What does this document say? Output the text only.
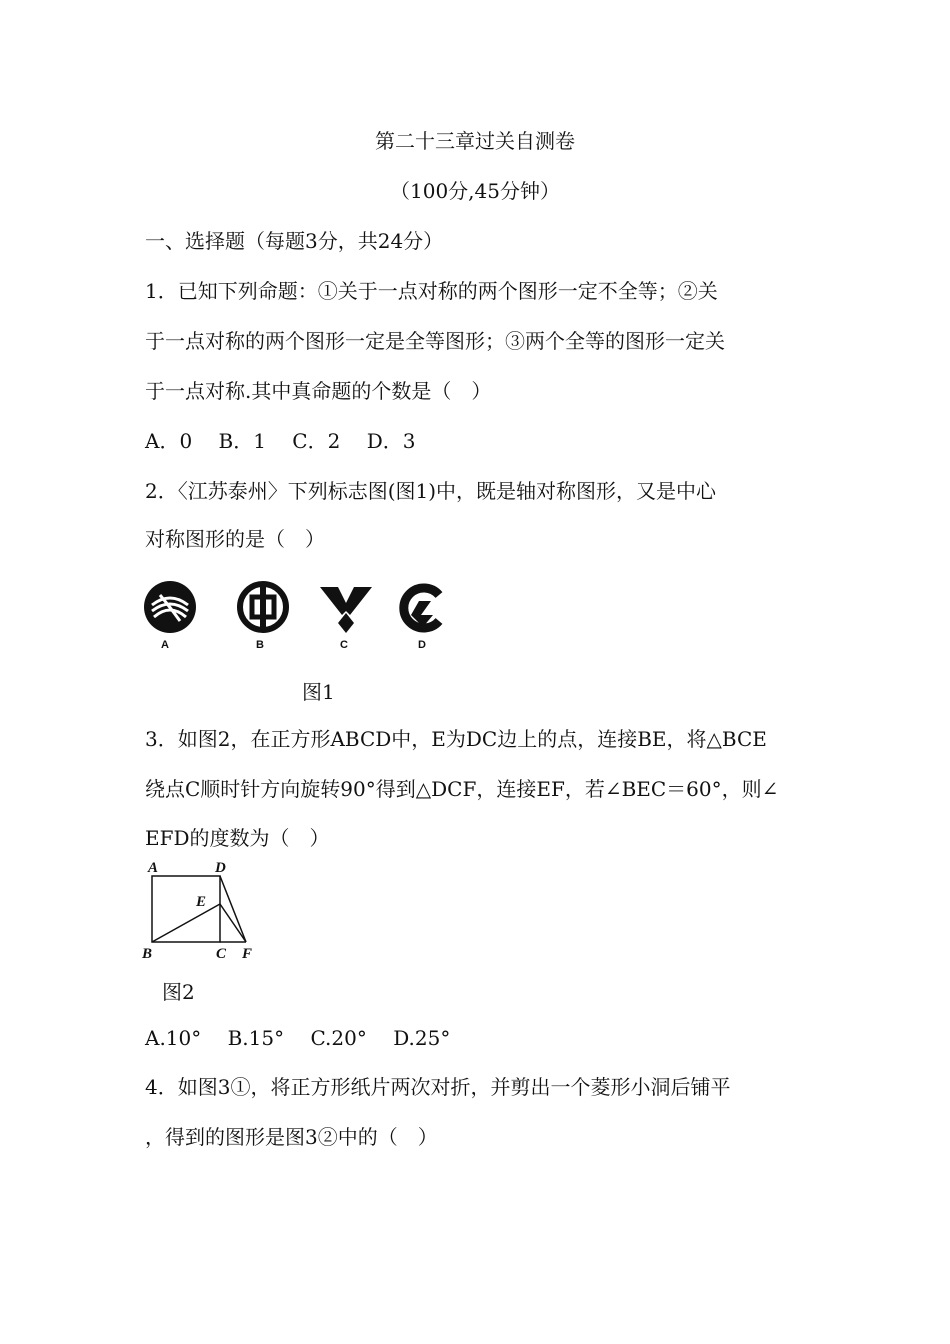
第二十三章过关自测卷
（100分,45分钟）
一、选择题（每题3分，共24分）
1．已知下列命题：①关于一点对称的两个图形一定不全等；②关
于一点对称的两个图形一定是全等图形；③两个全等的图形一定关
于一点对称.其中真命题的个数是（　）
A．0　 B．1　 C．2　 D．3
2．〈江苏泰州〉下列标志图(图1)中，既是轴对称图形，又是中心
对称图形的是（　）
A	B	C	D
图1
3．如图2，在正方形ABCD中，E为DC边上的点，连接BE，将△BCE
绕点C顺时针方向旋转90°得到△DCF，连接EF，若∠BEC＝60°，则∠
EFD的度数为（　）
A	D
E
B	C F
图2
A.10°　 B.15°　 C.20°　 D.25°
4．如图3①，将正方形纸片两次对折，并剪出一个菱形小洞后铺平
，得到的图形是图3②中的（　）
